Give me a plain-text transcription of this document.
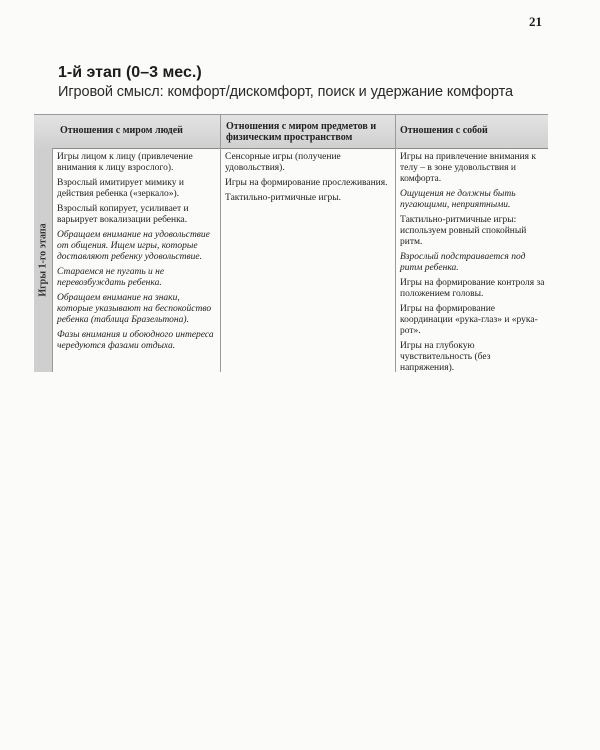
21
1-й этап (0–3 мес.)
Игровой смысл: комфорт/дискомфорт, поиск и удержание комфорта
Отношения с миром людей	Отношения с миром предметов и физическим пространством
Отношения с собой
Игры 1-го этапа

Игры лицом к лицу (привлечение внимания к лицу взрослого).

Взрослый имитирует мимику и действия ребенка («зеркало»).

Взрослый копирует, усиливает и варьирует вокализации ребенка.

Обращаем внимание на удовольствие от общения. Ищем игры, которые доставляют ребенку удовольствие.

Стараемся не пугать и не перевозбуждать ребенка.

Обращаем внимание на знаки, которые указывают на беспокойство ребенка (таблица Бразельтона).

Фазы внимания и обоюдного интереса чередуются фазами отдыха.

Сенсорные игры (получение удовольствия).

Игры на формирование прослеживания.

Тактильно-ритмичные игры.

Игры на привлечение внимания к телу – в зоне удовольствия и комфорта.

Ощущения не должны быть пугающими, неприятными.

Тактильно-ритмичные игры: используем ровный спокойный ритм.

Взрослый подстраивается под ритм ребенка.

Игры на формирование контроля за положением головы.

Игры на формирование координации «рука-глаз» и «рука-рот».

Игры на глубокую чувствительность (без напряжения).
